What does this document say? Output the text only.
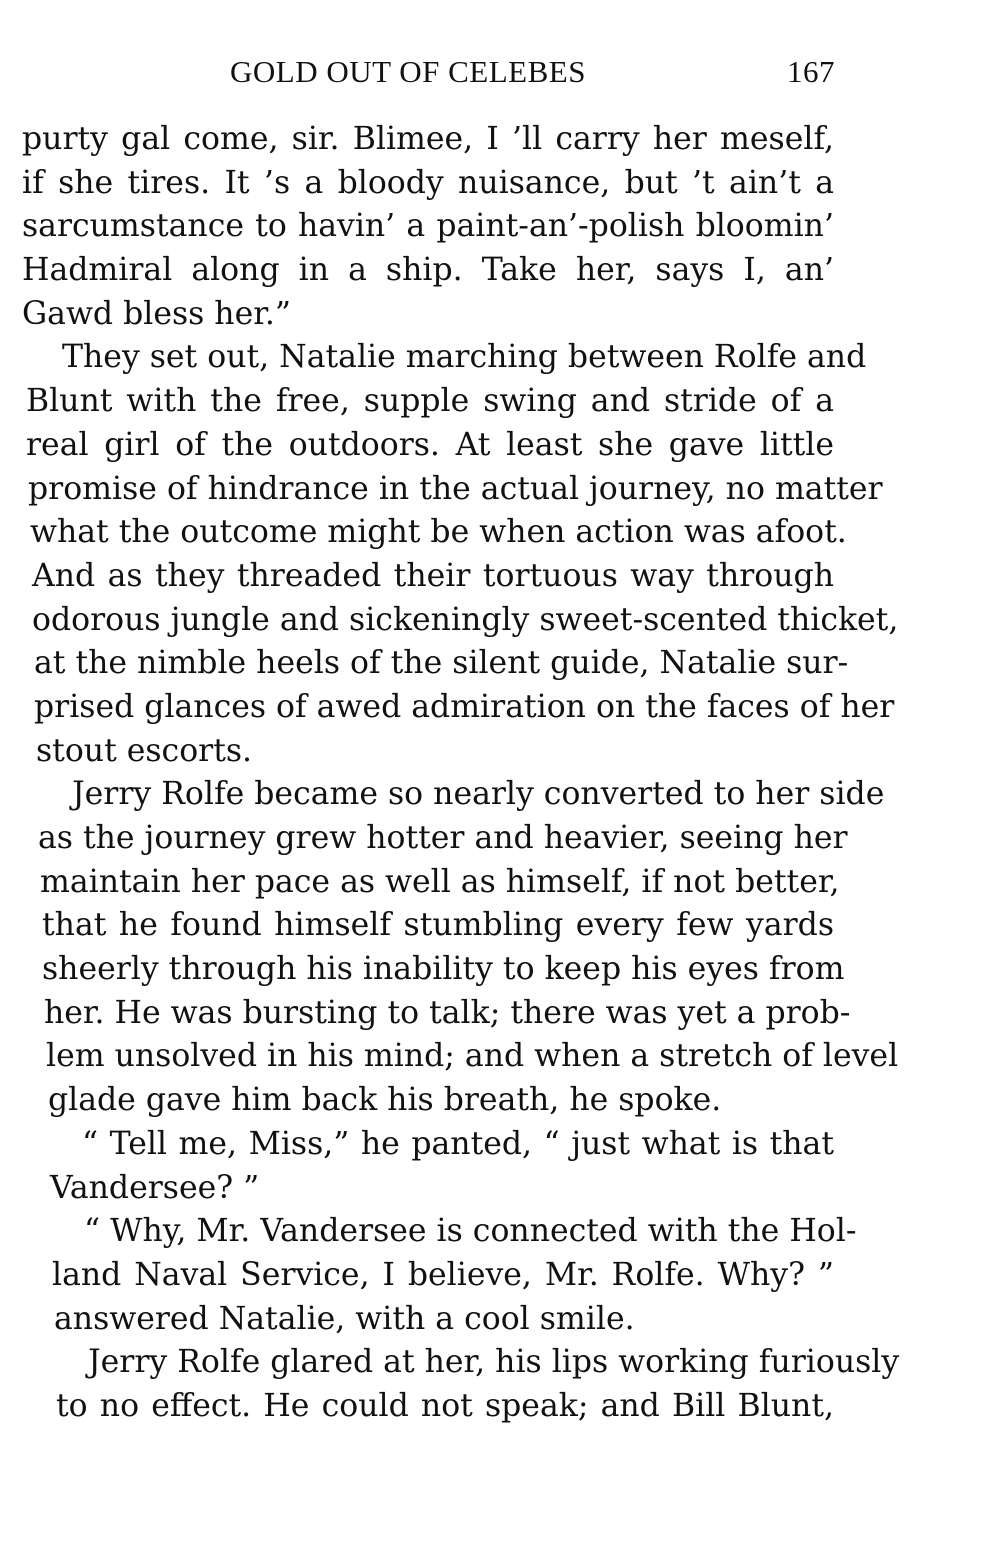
GOLD OUT OF CELEBES	167
purty gal come, sir. Blimee, I ’ll carry her meself,
if she tires. It ’s a bloody nuisance, but ’t ain’t a
sarcumstance to havin’ a paint-an’-polish bloomin’
Hadmiral along in a ship. Take her, says I, an’
Gawd bless her.”
They set out, Natalie marching between Rolfe and
Blunt with the free, supple swing and stride of a
real girl of the outdoors. At least she gave little
promise of hindrance in the actual journey, no matter
what the outcome might be when action was afoot.
And as they threaded their tortuous way through
odorous jungle and sickeningly sweet-scented thicket,
at the nimble heels of the silent guide, Natalie sur-
prised glances of awed admiration on the faces of her
stout escorts.
Jerry Rolfe became so nearly converted to her side
as the journey grew hotter and heavier, seeing her
maintain her pace as well as himself, if not better,
that he found himself stumbling every few yards
sheerly through his inability to keep his eyes from
her. He was bursting to talk; there was yet a prob-
lem unsolved in his mind; and when a stretch of level
glade gave him back his breath, he spoke.
“ Tell me, Miss,” he panted, “ just what is that
Vandersee? ”
“ Why, Mr. Vandersee is connected with the Hol-
land Naval Service, I believe, Mr. Rolfe. Why? ”
answered Natalie, with a cool smile.
Jerry Rolfe glared at her, his lips working furiously
to no effect. He could not speak; and Bill Blunt,
